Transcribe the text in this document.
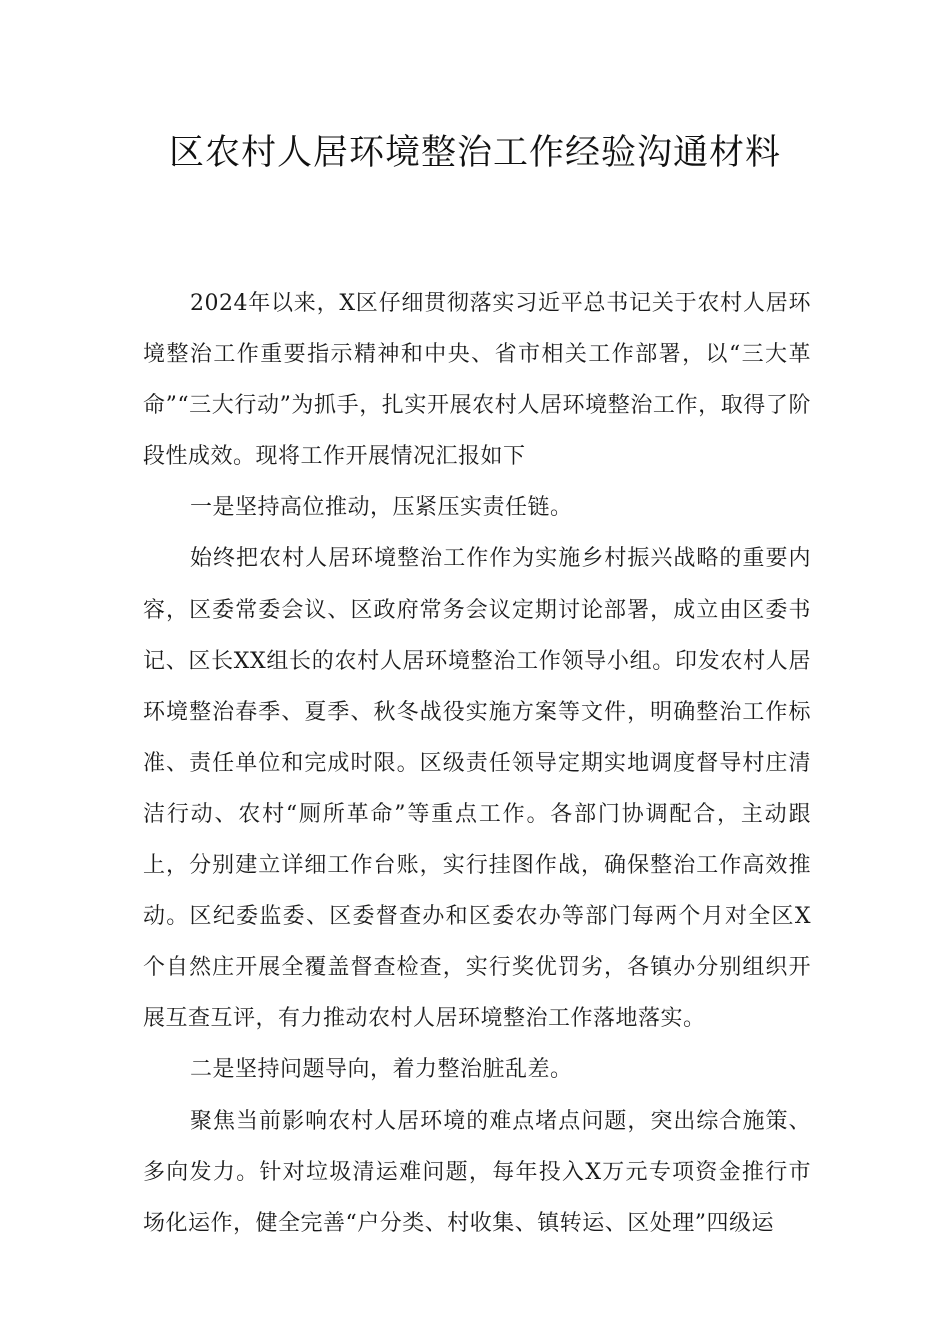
区农村人居环境整治工作经验沟通材料

2024年以来，X区仔细贯彻落实习近平总书记关于农村人居环境整治工作重要指示精神和中央、省市相关工作部署，以“三大革命”“三大行动”为抓手，扎实开展农村人居环境整治工作，取得了阶段性成效。现将工作开展情况汇报如下

一是坚持高位推动，压紧压实责任链。

始终把农村人居环境整治工作作为实施乡村振兴战略的重要内容，区委常委会议、区政府常务会议定期讨论部署，成立由区委书记、区长XX组长的农村人居环境整治工作领导小组。印发农村人居环境整治春季、夏季、秋冬战役实施方案等文件，明确整治工作标准、责任单位和完成时限。区级责任领导定期实地调度督导村庄清洁行动、农村“厕所革命”等重点工作。各部门协调配合，主动跟上，分别建立详细工作台账，实行挂图作战，确保整治工作高效推动。区纪委监委、区委督查办和区委农办等部门每两个月对全区X个自然庄开展全覆盖督查检查，实行奖优罚劣，各镇办分别组织开展互查互评，有力推动农村人居环境整治工作落地落实。

二是坚持问题导向，着力整治脏乱差。

聚焦当前影响农村人居环境的难点堵点问题，突出综合施策、多向发力。针对垃圾清运难问题，每年投入X万元专项资金推行市场化运作，健全完善“户分类、村收集、镇转运、区处理”四级运
